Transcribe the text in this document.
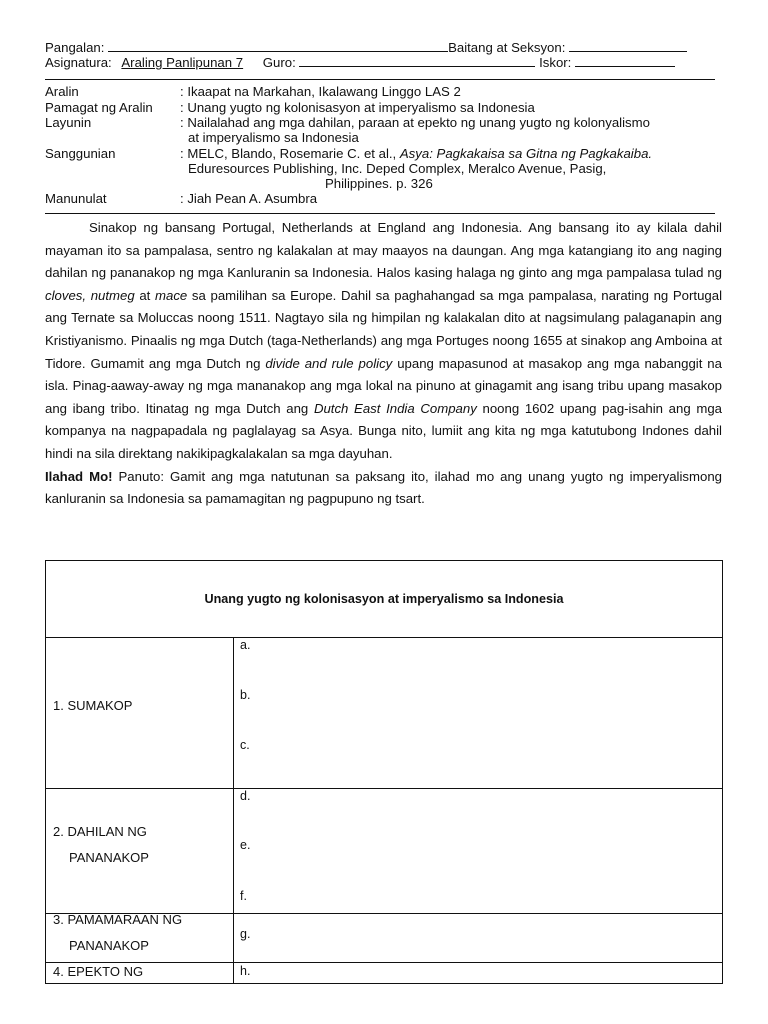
Pangalan:	Baitang at Seksyon:
Asignatura: Araling Panlipunan 7 Guro:	Iskor:
Aralin	: Ikaapat na Markahan, Ikalawang Linggo LAS 2
Pamagat ng Aralin : Unang yugto ng kolonisasyon at imperyalismo sa Indonesia
Layunin	: Nailalahad ang mga dahilan, paraan at epekto ng unang yugto ng kolonyalismo
at imperyalismo sa Indonesia
Sanggunian	: MELC, Blando, Rosemarie C. et al., Asya: Pagkakaisa sa Gitna ng Pagkakaiba.
Eduresources Publishing, Inc. Deped Complex, Meralco Avenue, Pasig,
Philippines. p. 326
Manunulat	: Jiah Pean A. Asumbra

Sinakop ng bansang Portugal, Netherlands at England ang Indonesia. Ang bansang ito ay kilala dahil mayaman ito sa pampalasa, sentro ng kalakalan at may maayos na daungan. Ang mga katangiang ito ang naging dahilan ng pananakop ng mga Kanluranin sa Indonesia. Halos kasing halaga ng ginto ang mga pampalasa tulad ng cloves, nutmeg at mace sa pamilihan sa Europe. Dahil sa paghahangad sa mga pampalasa, narating ng Portugal ang Ternate sa Moluccas noong 1511. Nagtayo sila ng himpilan ng kalakalan dito at nagsimulang palaganapin ang Kristiyanismo. Pinaalis ng mga Dutch (taga-Netherlands) ang mga Portuges noong 1655 at sinakop ang Amboina at Tidore. Gumamit ang mga Dutch ng divide and rule policy upang mapasunod at masakop ang mga nabanggit na isla. Pinag-aaway-away ng mga mananakop ang mga lokal na pinuno at ginagamit ang isang tribu upang masakop ang ibang tribo. Itinatag ng mga Dutch ang Dutch East India Company noong 1602 upang pag-isahin ang mga kompanya na nagpapadala ng paglalayag sa Asya. Bunga nito, lumiit ang kita ng mga katutubong Indones dahil hindi na sila direktang nakikipagkalakalan sa mga dayuhan.

Ilahad Mo! Panuto: Gamit ang mga natutunan sa paksang ito, ilahad mo ang unang yugto ng imperyalismong kanluranin sa Indonesia sa pamamagitan ng pagpupuno ng tsart.

Unang yugto ng kolonisasyon at imperyalismo sa Indonesia
1. SUMAKOP
a.
b.
c.
2. DAHILAN NG
PANANAKOP
d.
e.
f.
3. PAMAMARAAN NG
PANANAKOP
g.
4. EPEKTO NG	h.
